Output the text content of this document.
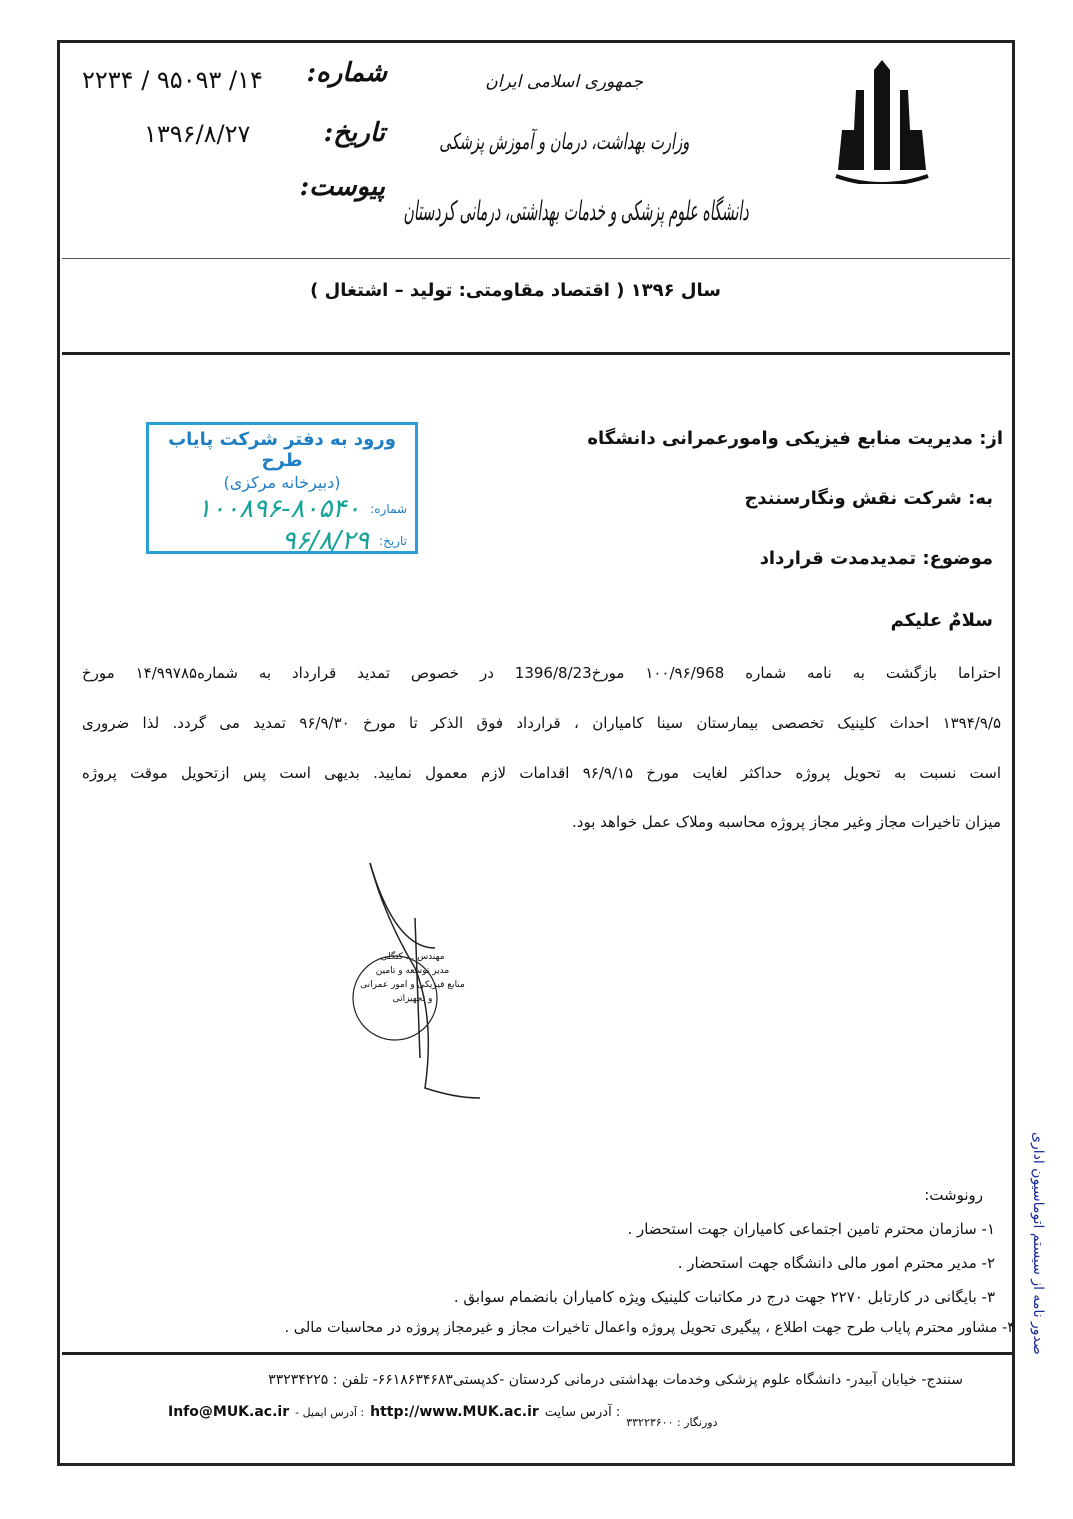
جمهوری اسلامی ایران
وزارت بهداشت، درمان و آموزش پزشکی
دانشگاه علوم پزشکی و خدمات بهداشتی، درمانی کردستان
شماره:
۱۴/ ۹۵۰۹۳ / ۲۲۳۴
تاریخ:
۱۳۹۶/۸/۲۷
پیوست:
سال ۱۳۹۶ ( اقتصاد مقاومتی: تولید – اشتغال )
ورود به دفتر شرکت پایاب طرح
(دبیرخانه مرکزی)
شماره:
۱۰۰۸۹۶-۸۰۵۴۰
تاریخ:
۹۶/۸/۲۹
از: مدیریت منابع فیزیکی وامورعمرانی دانشگاه
به: شرکت نقش ونگارسنندج
موضوع: تمدیدمدت قرارداد
سلامٌ علیکم
احتراما بازگشت به نامه شماره ۱۰۰/۹۶/968 مورخ1396/8/23 در خصوص تمدید قرارداد به شماره۱۴/۹۹۷۸۵ مورخ
۱۳۹۴/۹/۵ احداث کلینیک تخصصی بیمارستان سینا کامیاران ، قرارداد فوق الذکر تا مورخ ۹۶/۹/۳۰ تمدید می گردد. لذا ضروری
است نسبت به تحویل پروژه حداکثر لغایت مورخ ۹۶/۹/۱۵ اقدامات لازم معمول نمایید. بدیهی است پس ازتحویل موقت پروژه
میزان تاخیرات مجاز وغیر مجاز پروژه محاسبه وملاک عمل خواهد بود.
مهندس ... کنگلی
مدیر توسعه و تامین
منابع فیزیکی و امور عمرانی
و تجهیزاتی
رونوشت:
۱- سازمان محترم تامین اجتماعی کامیاران جهت استحضار .
۲- مدیر محترم امور مالی دانشگاه جهت استحضار .
۳- بایگانی در کارتابل ۲۲۷۰ جهت درج در مکاتبات کلینیک ویژه کامیاران بانضمام سوابق .
۴- مشاور محترم پایاب طرح جهت اطلاع ، پیگیری تحویل پروژه واعمال تاخیرات مجاز و غیرمجاز پروژه در محاسبات مالی .	صدور نامه از سیستم اتوماسیون اداری
سنندج- خیابان آبیدر- دانشگاه علوم پزشکی وخدمات بهداشتی درمانی کردستان -کدپستی۶۶۱۸۶۳۴۶۸۳- تلفن : ۳۳۲۳۴۲۲۵
Info@MUK.ac.ir - آدرس ایمیل : http://www.MUK.ac.ir آدرس سایت :
دورنگار : ۳۳۲۲۳۶۰۰
